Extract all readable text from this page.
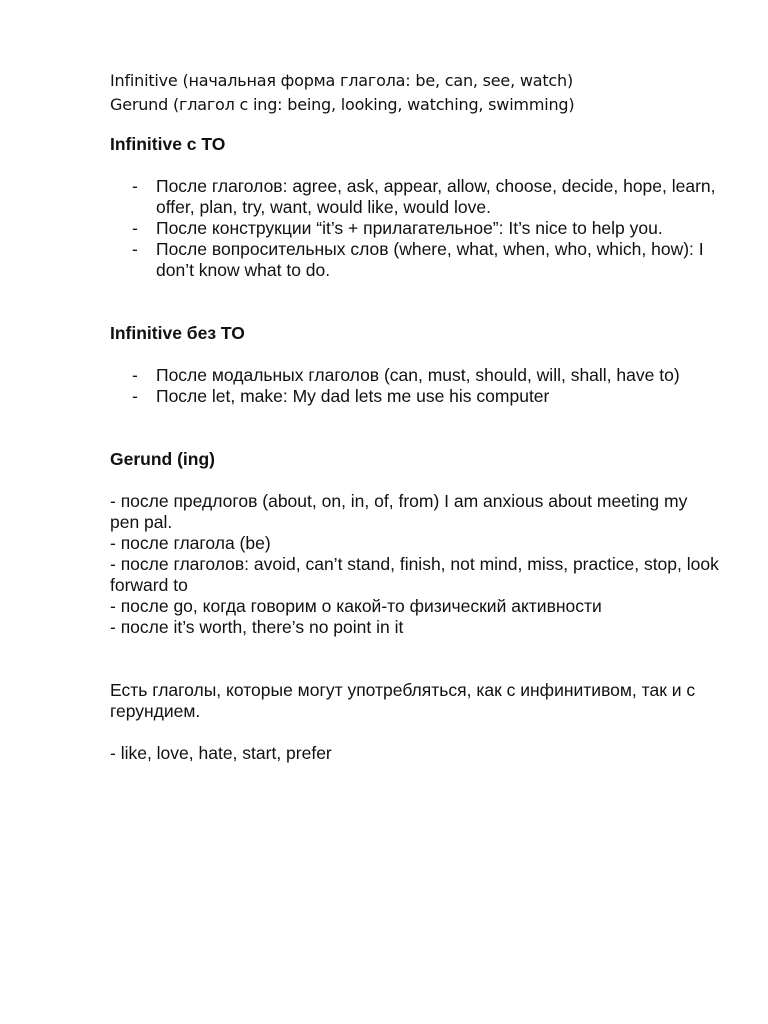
Infinitive (начальная форма глагола: be, can, see, watch)
Gerund (глагол с ing: being, looking, watching, swimming)
Infinitive с TO
- После глаголов: agree, ask, appear, allow, choose, decide, hope, learn, offer, plan, try, want, would like, would love.
- После конструкции “it’s + прилагательное”: It’s nice to help you.
- После вопросительных слов (where, what, when, who, which, how): I don’t know what to do.
Infinitive без TO
- После модальных глаголов (can, must, should, will, shall, have to)
- После let, make: My dad lets me use his computer
Gerund (ing)
- после предлогов (about, on, in, of, from) I am anxious about meeting my pen pal.
- после глагола (be)
- после глаголов: avoid, can’t stand, finish, not mind, miss, practice, stop, look forward to
- после go, когда говорим о какой-то физический активности
- после it’s worth, there’s no point in it
Есть глаголы, которые могут употребляться, как с инфинитивом, так и с герундием.
- like, love, hate, start, prefer
